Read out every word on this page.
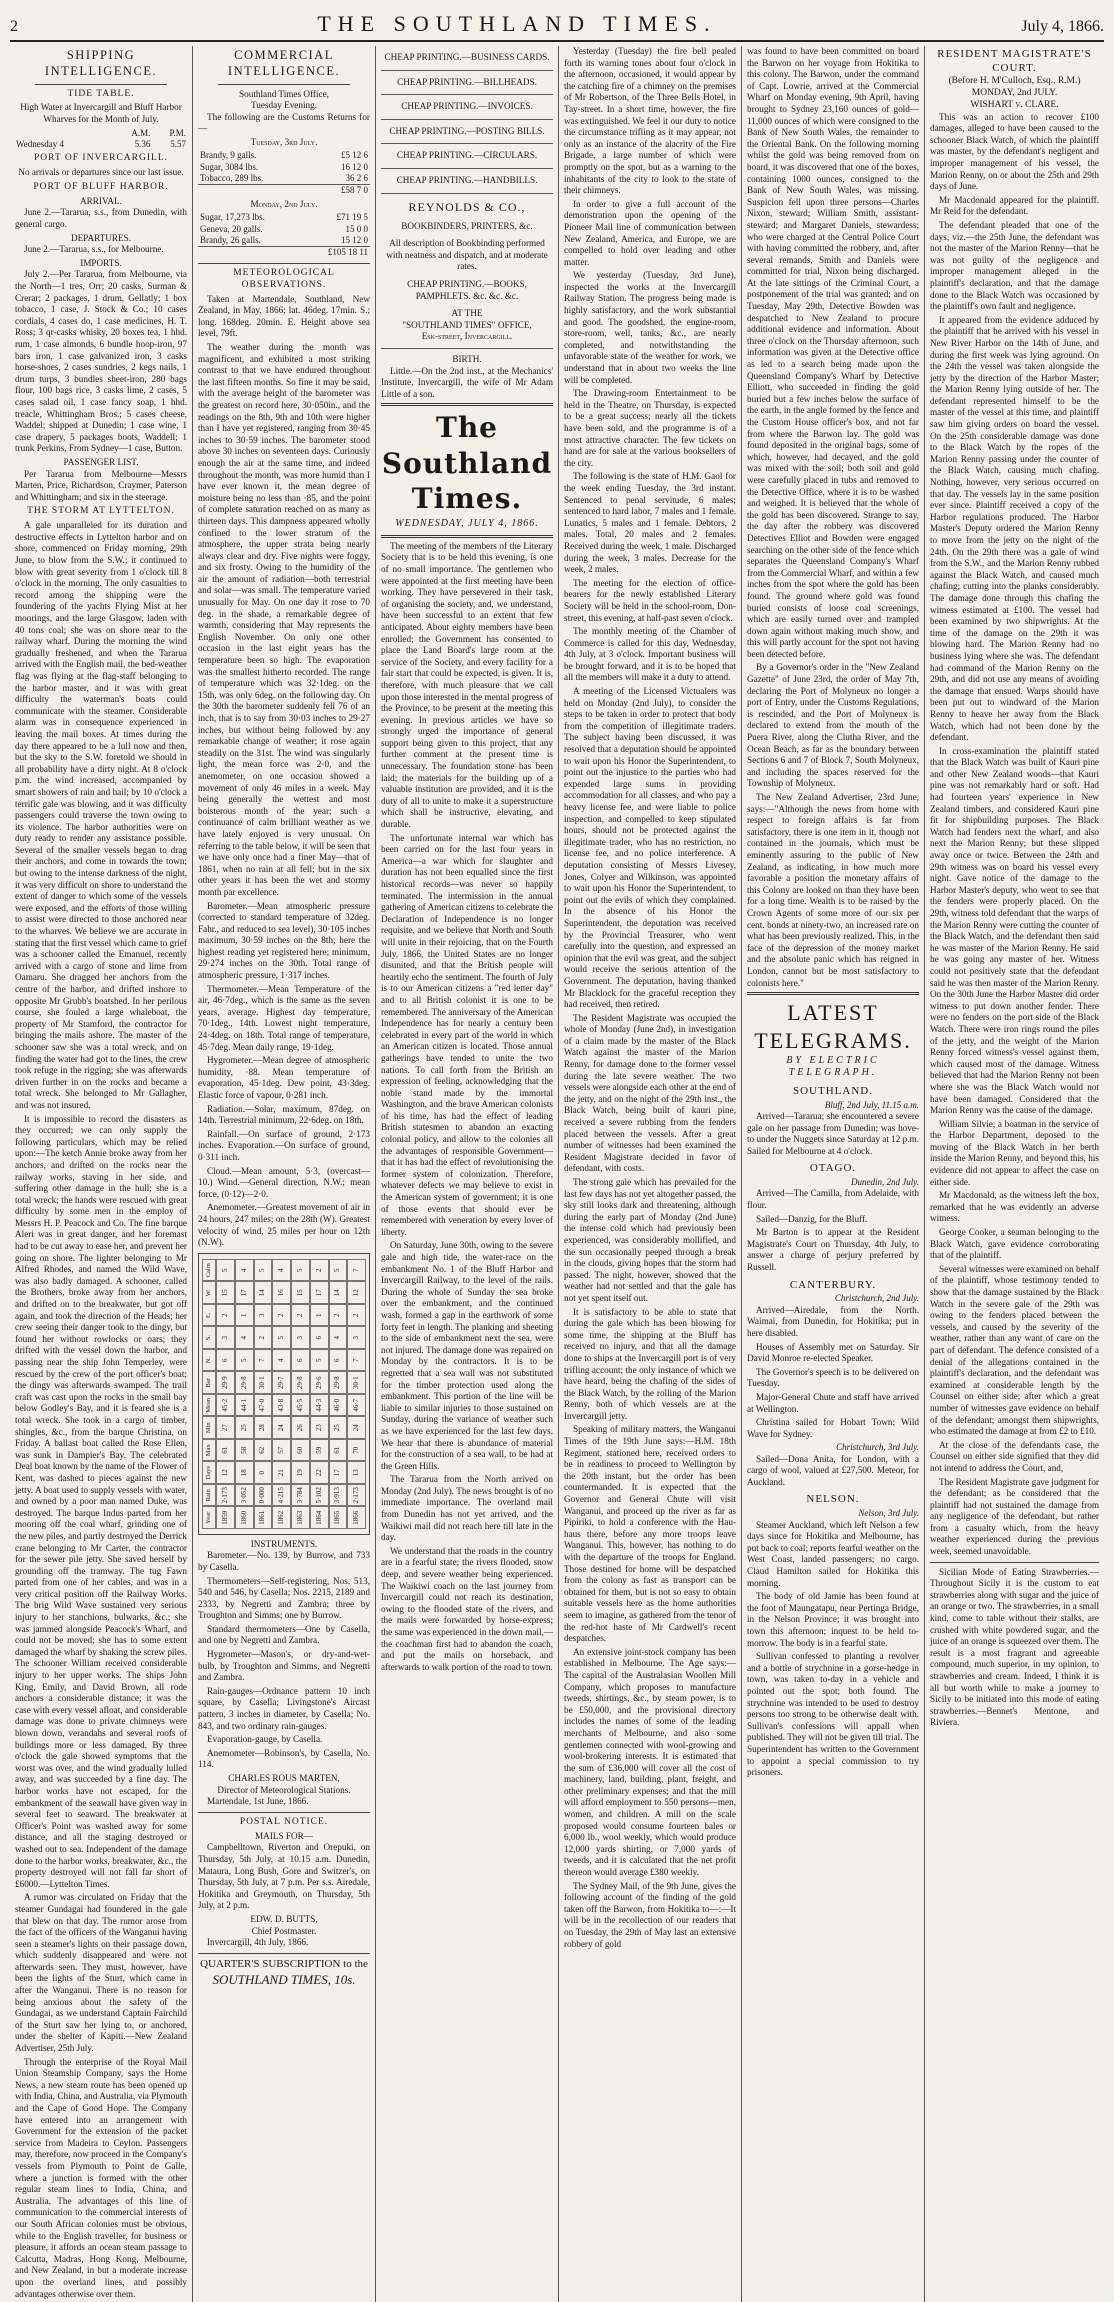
2	THE SOUTHLAND TIMES.	July 4, 1866.
SHIPPING INTELLIGENCE.
TIDE TABLE.

High Water at Invercargill and Bluff Harbor Wharves for the Month of July.

	A.M.	P.M.
Wednesday 4	5.36	5.57
PORT OF INVERCARGILL.

No arrivals or departures since our last issue.

PORT OF BLUFF HARBOR.
ARRIVAL.

June 2.—Tararua, s.s., from Dunedin, with general cargo.

DEPARTURES.

June 2.—Tararua, s.s., for Melbourne.

IMPORTS.

July 2.—Per Tararua, from Melbourne, via the North—1 tres, Orr; 20 casks, Surman & Crerar; 2 packages, 1 drum, Gellatly; 1 box tobacco, 1 case, J. Stock & Co.; 10 cases cordials, 4 cases do, 1 case medicines, H. T. Ross; 3 qr-casks whisky, 20 boxes tea, 1 hhd. rum, 1 case almonds, 6 bundle hoop-iron, 97 bars iron, 1 case galvanized iron, 3 casks horse-shoes, 2 cases sundries, 2 kegs nails, 1 drum turps, 3 bundles sheet-iron, 280 bags flour, 100 bags rice, 3 casks lime, 2 cases, 5 cases salad oil, 1 case fancy soap, 1 hhd. treacle, Whittingham Bros.; 5 cases cheese, Waddel; shipped at Dunedin; 1 case wine, 1 case drapery, 5 packages boots, Waddell; 1 trunk Perkins, From Sydney—1 case, Button.

PASSENGER LIST.

Per Tararua from Melbourne—Messrs Marten, Price, Richardson, Craymer, Paterson and Whittingham; and six in the steerage.

THE STORM AT LYTTELTON.

A gale unparalleled for its duration and destructive effects in Lyttelton harbor and on shore, commenced on Friday morning, 29th June, to blow from the S.W.; it continued to blow with great severity from 1 o'clock till 8 o'clock in the morning. The only casualties to record among the shipping were the foundering of the yachts Flying Mist at her moorings, and the large Glasgow, laden with 40 tons coal; she was on shore near to the railway wharf. During the morning the wind gradually freshened, and when the Tararua arrived with the English mail, the bed-weather flag was flying at the flag-staff belonging to the harbor master, and it was with great difficulty the waterman's boats could communicate with the steamer. Considerable alarm was in consequence experienced in leaving the mail boxes. At times during the day there appeared to be a lull now and then, but the sky to the S.W. foretold we should in all probability have a dirty night. At 8 o'clock p.m. the wind increased, accompanied by smart showers of rain and hail; by 10 o'clock a terrific gale was blowing, and it was difficulty passengers could traverse the town owing to its violence. The harbor authorities were on duty ready to render any assistance possible. Several of the smaller vessels began to drag their anchors, and come in towards the town; but owing to the intense darkness of the night, it was very difficult on shore to understand the extent of danger to which some of the vessels were exposed, and the efforts of those willing to assist were directed to those anchored near to the wharves. We believe we are accurate in stating that the first vessel which came to grief was a schooner called the Emanuel, recently arrived with a cargo of stone and lime from Oamaru. She dragged her anchors from the centre of the harbor, and drifted inshore to opposite Mr Grubb's boatshed. In her perilous course, she fouled a large whaleboat, the property of Mr Stamford, the contractor for bringing the mails ashore. The master of the schooner saw she was a total wreck, and on finding the water had got to the lines, the crew took refuge in the rigging; she was afterwards driven further in on the rocks and became a total wreck. She belonged to Mr Gallagher, and was not insured.

It is impossible to record the disasters as they occurred; we can only supply the following particulars, which may be relied upon:—The ketch Annie broke away from her anchors, and drifted on the rocks near the railway works, staving in her side, and suffering other damage in the hull; she is a total wreck; the hands were rescued with great difficulty by some men in the employ of Messrs H. P. Peacock and Co. The fine barque Aleri was in great danger, and her foremast had to be cut away to ease her, and prevent her going on shore. The lighter belonging to Mr Alfred Rhodes, and named the Wild Wave, was also badly damaged. A schooner, called the Brothers, broke away from her anchors, and drifted on to the breakwater, but got off again, and took the direction of the Heads; her crew seeing their danger took to the dingy, but found her without rowlocks or oars; they drifted with the vessel down the harbor, and passing near the ship John Temperley, were rescued by the crew of the port officer's boat; the dingy was afterwards swamped. The trail craft was cast upon the rocks in the small bay below Godley's Bay, and it is feared she is a total wreck. She took in a cargo of timber, shingles, &c., from the barque Christina, on Friday. A ballast boat called the Rose Ellen, was sunk in Dampier's Bay. The celebrated Deal boat known by the name of the Flower of Kent, was dashed to pieces against the new jetty. A boat used to supply vessels with water, and owned by a poor man named Duke, was destroyed. The barque Indus parted from her mooring off the coal wharf, grinding one of the new piles, and partly destroyed the Derrick crane belonging to Mr Carter, the contractor for the sewer pile jetty. She saved herself by grounding off the tramway. The tug Fawn parted from one of her cables, and was in a very critical position off the Railway Works. The brig Wild Wave sustained very serious injury to her stanchions, bulwarks, &c.; she was jammed alongside Peacock's Wharf, and could not be moved; she has to some extent damaged the wharf by shaking the screw piles. The schooner William received considerable injury to her upper works. The ships John King, Emily, and David Brown, all rode anchors a considerable distance; it was the case with every vessel afloat, and considerable damage was done to private chimneys were blown down, verandahs and several roofs of buildings more or less damaged. By three o'clock the gale showed symptoms that the worst was over, and the wind gradually lulled away, and was succeeded by a fine day. The harbor works have not escaped, for the embankment of the seawall have given way in several feet to seaward. The breakwater at Officer's Point was washed away for some distance, and all the staging destroyed or washed out to sea. Independent of the damage done to the harbor works, breakwater, &c., the property destroyed will not fall far short of £6000.—Lyttelton Times.

A rumor was circulated on Friday that the steamer Gundagai had foundered in the gale that blew on that day. The rumor arose from the fact of the officers of the Wanganui having seen a steamer's lights on their passage down, which suddenly disappeared and were not afterwards seen. They must, however, have been the lights of the Sturt, which came in after the Wanganui. There is no reason for being anxious about the safety of the Gundagai, as we understand Captain Fairchild of the Sturt saw her lying to, or anchored, under the shelter of Kapiti.—New Zealand Advertiser, 25th July.

Through the enterprise of the Royal Mail Union Steamship Company, says the Home News, a new steam route has been opened up with India, China, and Australia, via Plymouth and the Cape of Good Hope. The Company have entered into an arrangement with Government for the extension of the packet service from Madeira to Ceylon. Passengers may, therefore, now proceed in the Company's vessels from Plymouth to Point de Galle, where a junction is formed with the other regular steam lines to India, China, and Australia. The advantages of this line of communication to the commercial interests of our South African colonies must be obvious, while to the English traveller, for business or pleasure, it affords an ocean steam passage to Calcutta, Madras, Hong Kong, Melbourne, and New Zealand, in but a moderate increase upon the overland lines, and possibly advantages otherwise over them.

COMMERCIAL INTELLIGENCE.
Southland Times Office,
Tuesday Evening.

The following are the Customs Returns for—

Tuesday, 3rd July.
Brandy, 9 galls.	£5 12 6
Sugar, 3084 lbs.	16 12 0
Tobacco, 289 lbs.	36 2 6
	£58 7 0
Monday, 2nd July.
Sugar, 17,273 lbs.	£71 19 5
Geneva, 20 galls.	15 0 0
Brandy, 26 galls.	15 12 0
	£105 18 11
METEOROLOGICAL OBSERVATIONS.

Taken at Martendale, Southland, New Zealand, in May, 1866; lat. 46deg. 17min. S.; long. 168deg. 20min. E. Height above sea level, 79ft.

The weather during the month was magnificent, and exhibited a most striking contrast to that we have endured throughout the last fifteen months. So fine it may be said, with the average height of the barometer was the greatest on record here, 30·050in., and the readings on the 8th, 9th and 10th were higher than I have yet registered, ranging from 30·45 inches to 30·59 inches. The barometer stood above 30 inches on seventeen days. Curiously enough the air at the same time, and indeed throughout the month, was more humid than I have ever known it, the mean degree of moisture being no less than ·85, and the point of complete saturation reached on as many as thirteen days. This dampness appeared wholly confined to the lower stratum of the atmosphere, the upper strata being nearly always clear and dry. Five nights were foggy, and six frosty. Owing to the humidity of the air the amount of radiation—both terrestrial and solar—was small. The temperature varied unusually for May. On one day it rose to 70 deg. in the shade, a remarkable degree of warmth, considering that May represents the English November. On only one other occasion in the last eight years has the temperature been so high. The evaporation was the smallest hitherto recorded. The range of temperature which was 32·1deg. on the 15th, was only 6deg. on the following day. On the 30th the barometer suddenly fell 76 of an inch, that is to say from 30·03 inches to 29·27 inches, but without being followed by any remarkable change of weather; it rose again steadily on the 31st. The wind was singularly light, the mean force was 2·0, and the anemometer, on one occasion showed a movement of only 46 miles in a week. May being generally the wettest and most boisterous month of the year; such a continuance of calm brilliant weather as we have lately enjoyed is very unusual. On referring to the table below, it will be seen that we have only once had a finer May—that of 1861, when no rain at all fell; but in the six other years it has been the wet and stormy month par excellence.

Barometer.—Mean atmospheric pressure (corrected to standard temperature of 32deg. Fahr., and reduced to sea level), 30·105 inches maximum, 30·59 inches on the 8th; here the highest reading yet registered here; minimum, 29·274 inches on the 30th. Total range of atmospheric pressure, 1·317 inches.

Thermometer.—Mean Temperature of the air, 46·7deg., which is the same as the seven years, average. Highest day temperature, 70·1deg., 14th. Lowest night temperature, 24·4deg. on 18th. Total range of temperature, 45·7deg. Mean daily range, 19·1deg.

Hygrometer.—Mean degree of atmospheric humidity, ·88. Mean temperature of evaporation, 45·1deg. Dew point, 43·3deg. Elastic force of vapour, 0·281 inch.

Radiation.—Solar, maximum, 87deg. on 14th. Terrestrial minimum, 22·6deg. on 18th.

Rainfall.—On surface of ground, 2·173 inches. Evaporation.—On surface of ground, 0·311 inch.

Cloud.—Mean amount, 5·3, (overcast—10.) Wind.—General direction, N.W.; mean force, (0·12)—2·0.

Anemometer.—Greatest movement of air in 24 hours, 247 miles; on the 28th (W). Greatest velocity of wind, 25 miles per hour on 12th (N.W).

Year
Rain
Days
Max
Min
Mean
Bar
N.
S.
E.
W.
Calm
1859
2·173
12
61
27
45·2
29·9
6
3
2
15
5
1860
3·052
18
58
25
44·1
29·8
5
4
1
17
4
1861
0·000
0
62
28
47·0
30·1
7
2
3
14
5
1862
4·215
21
57
24
43·8
29·7
4
5
2
16
4
1863
3·784
19
60
26
45·5
29·8
6
3
2
15
5
1864
5·102
22
59
23
44·3
29·6
5
6
1
17
2
1865
3·913
17
61
25
46·0
29·8
6
4
2
14
5
1866
2·173
13
70
24
46·7
30·1
7
3
2
12
7
INSTRUMENTS.

Barometer.—No. 139, by Burrow, and 733 by Casella.

Thermometers—Self-registering, Nos. 513, 540 and 546, by Casella; Nos. 2215, 2189 and 2333, by Negretti and Zambra; three by Troughton and Simms; one by Burrow.

Standard thermometers—One by Casella, and one by Negretti and Zambra.

Hygrometer—Mason's, or dry-and-wet-bulb, by Troughton and Simms, and Negretti and Zambra.

Rain-gauges—Ordnance pattern 10 inch square, by Casella; Livingstone's Aircast pattern, 3 inches in diameter, by Casella; No. 843, and two ordinary rain-gauges.

Evaporation-gauge, by Casella.

Anemometer—Robinson's, by Casella, No. 114.

CHARLES ROUS MARTEN,
Director of Meteorological Stations.

Martendale, 1st June, 1866.

POSTAL NOTICE.
MAILS FOR—

Campbelltown, Riverton and Orepuki, on Thursday, 5th July, at 10.15 a.m. Dunedin, Mataura, Long Bush, Gore and Switzer's, on Thursday, 5th July, at 7 p.m. Per s.s. Airedale, Hokitika and Greymouth, on Thursday, 5th July, at 2 p.m.

EDW. D. BUTTS,
Chief Postmaster.

Invercargill, 4th July, 1866.

QUARTER'S SUBSCRIPTION to the
SOUTHLAND TIMES, 10s.
CHEAP PRINTING.—BUSINESS CARDS.
CHEAP PRINTING.—BILLHEADS.
CHEAP PRINTING.—INVOICES.
CHEAP PRINTING.—POSTING BILLS.
CHEAP PRINTING.—CIRCULARS.
CHEAP PRINTING.—HANDBILLS.
REYNOLDS & CO.,
BOOKBINDERS, PRINTERS, &c.

All description of Bookbinding performed with neatness and dispatch, and at moderate rates.

CHEAP PRINTING.—BOOKS, PAMPHLETS. &c. &c. &c.
AT THE
"SOUTHLAND TIMES" OFFICE,
Esk-street, Invercargill.
BIRTH.

Little.—On the 2nd inst., at the Mechanics' Institute, Invercargill, the wife of Mr Adam Little of a son.

The Southland Times.
WEDNESDAY, JULY 4, 1866.

The meeting of the members of the Literary Society that is to be held this evening, is one of no small importance. The gentlemen who were appointed at the first meeting have been working. They have persevered in their task, of organising the society, and, we understand, have been successful to an extent that few anticipated. About eighty members have been enrolled; the Government has consented to place the Land Board's large room at the service of the Society, and every facility for a fair start that could be expected, is given. It is, therefore, with much pleasure that we call upon those interested in the mental progress of the Province, to be present at the meeting this evening. In previous articles we have so strongly urged the importance of general support being given to this project, that any further comment at the present time is unnecessary. The foundation stone has been laid; the materials for the building up of a valuable institution are provided, and it is the duty of all to unite to make it a superstructure which shall be instructive, elevating, and durable.

The unfortunate internal war which has been carried on for the last four years in America—a war which for slaughter and duration has not been equalled since the first historical records—was never so happily terminated. The intermission in the annual gathering of American citizens to celebrate the Declaration of Independence is no longer requisite, and we believe that North and South will unite in their rejoicing, that on the Fourth July, 1866, the United States are no longer disunited, and that the British people will heartily echo the sentiment. The fourth of July is to our American citizens a "red letter day" and to all British colonist it is one to be remembered. The anniversary of the American Independence has for nearly a century been celebrated in every part of the world in which an American citizen is located. Those annual gatherings have tended to unite the two nations. To call forth from the British an expression of feeling, acknowledging that the noble stand made by the immortal Washington, and the brave American colonists of his time, has had the effect of leading British statesmen to abandon an exacting colonial policy, and allow to the colonies all the advantages of responsible Government—that it has had the effect of revolutionising the former system of colonization. Therefore, whatever defects we may believe to exist in the American system of government; it is one of those events that should ever be remembered with veneration by every lover of liberty.

On Saturday, June 30th, owing to the severe gale and high tide, the water-race on the embankment No. 1 of the Bluff Harbor and Invercargill Railway, to the level of the rails. During the whole of Sunday the sea broke over the embankment, and the continued wash, formed a gap in the earthwork of some forty feet in length. The planking and sheeting to the side of embankment next the sea, were not injured. The damage done was repaired on Monday by the contractors. It is to be regretted that a sea wall was not substituted for the timber protection used along the embankment. This portion of the line will be liable to similar injuries to those sustained on Sunday, during the variance of weather such as we have experienced for the last few days. We hear that there is abundance of material for the construction of a sea wall, to be had at the Green Hills.

The Tararua from the North arrived on Monday (2nd July). The news brought is of no immediate importance. The overland mail from Dunedin has not yet arrived, and the Waikiwi mail did not reach here till late in the day.

We understand that the roads in the country are in a fearful state; the rivers flooded, snow deep, and severe weather being experienced. The Waikiwi coach on the last journey from Invercargill could not reach its destination, owing to the flooded state of the rivers, and the mails were forwarded by horse-express; the same was experienced in the down mail,—the coachman first had to abandon the coach, and put the mails on horseback, and afterwards to walk portion of the road to town.

Yesterday (Tuesday) the fire bell pealed forth its warning tones about four o'clock in the afternoon, occasioned, it would appear by the catching fire of a chimney on the premises of Mr Robertson, of the Three Bells Hotel, in Tay-street. In a short time, however, the fire was extinguished. We feel it our duty to notice the circumstance trifling as it may appear, not only as an instance of the alacrity of the Fire Brigade, a large number of which were promptly on the spot, but as a warning to the inhabitants of the city to look to the state of their chimneys.

In order to give a full account of the demonstration upon the opening of the Pioneer Mail line of communication between New Zealand, America, and Europe, we are compelled to hold over leading and other matter.

We yesterday (Tuesday, 3rd June), inspected the works at the Invercargill Railway Station. The progress being made is highly satisfactory, and the work substantial and good. The goodshed, the engine-room, store-room, well, tanks, &c., are nearly completed, and notwithstanding the unfavorable state of the weather for work, we understand that in about two weeks the line will be completed.

The Drawing-room Entertainment to be held in the Theatre, on Thursday, is expected to be a great success; nearly all the tickets have been sold, and the programme is of a most attractive character. The few tickets on hand are for sale at the various booksellers of the city.

The following is the state of H.M. Gaol for the week ending Tuesday, the 3rd instant. Sentenced to penal servitude, 6 males; sentenced to hard labor, 7 males and 1 female. Lunatics, 5 males and 1 female. Debtors, 2 males. Total, 20 males and 2 females. Received during the week, 1 male. Discharged during the week, 3 males. Decrease for the week, 2 males.

The meeting for the election of office-bearers for the newly established Literary Society will be held in the school-room, Don-street, this evening, at half-past seven o'clock.

The monthly meeting of the Chamber of Commerce is called for this day, Wednesday, 4th July, at 3 o'clock. Important business will be brought forward, and it is to be hoped that all the members will make it a duty to attend.

A meeting of the Licensed Victualers was held on Monday (2nd July), to consider the steps to be taken in order to protect that body from the competition of illegitimate traders. The subject having been discussed, it was resolved that a deputation should be appointed to wait upon his Honor the Superintendent, to point out the injustice to the parties who had expended large sums in providing accommodation for all classes, and who pay a heavy license fee, and were liable to police inspection, and compelled to keep stipulated hours, should not be protected against the illegitimate trader, who has no restriction, no license fee, and no police interference. A deputation consisting of Messrs Livesey, Jones, Colyer and Wilkinson, was appointed to wait upon his Honor the Superintendent, to point out the evils of which they complained. In the absence of his Honor the Superintendent, the deputation was received by the Provincial Treasurer, who went carefully into the question, and expressed an opinion that the evil was great, and the subject would receive the serious attention of the Government. The deputation, having thanked Mr Blacklock for the graceful reception they had received, then retired.

The Resident Magistrate was occupied the whole of Monday (June 2nd), in investigation of a claim made by the master of the Black Watch against the master of the Marion Renny, for damage done to the former vessel during the late severe weather. The two vessels were alongside each other at the end of the jetty, and on the night of the 29th inst., the Black Watch, being built of kauri pine, received a severe rubbing from the fenders placed between the vessels. After a great number of witnesses had been examined the Resident Magistrate decided in favor of defendant, with costs.

The strong gale which has prevailed for the last few days has not yet altogether passed, the sky still looks dark and threatening, although during the early part of Monday (2nd June) the intense cold which had previously been experienced, was considerably mollified, and the sun occasionally peeped through a break in the clouds, giving hopes that the storm had passed. The night, however, showed that the weather had not settled and that the gale has not yet spent itself out.

It is satisfactory to be able to state that during the gale which has been blowing for some time, the shipping at the Bluff has received no injury, and that all the damage done to ships at the Invercargill port is of very trifling account; the only instance of which we have heard, being the chafing of the sides of the Black Watch, by the rolling of the Marion Renny, both of which vessels are at the Invercargill jetty.

Speaking of military matters, the Wanganui Times of the 19th June says:—H.M. 18th Regiment, stationed here, received orders to be in readiness to proceed to Wellington by the 20th instant, but the order has been countermanded. It is expected that the Governor and General Chute will visit Wanganui, and proceed up the river as far as Pipiriki, to hold a conference with the Hau-haus there, before any more troops leave Wanganui. This, however, has nothing to do with the departure of the troops for England. Those destined for home will be despatched from the colony as fast as transport can be obtained for them, but is not so easy to obtain suitable vessels here as the home authorities seem to imagine, as gathered from the tenor of the red-hot haste of Mr Cardwell's recent despatches.

An extensive joint-stock company has been established in Melbourne. The Age says:—The capital of the Australasian Woollen Mill Company, which proposes to manufacture tweeds, shirtings, &c., by steam power, is to be £50,000, and the provisional directory includes the names of some of the leading merchants of Melbourne, and also some gentlemen connected with wool-growing and wool-brokering interests. It is estimated that the sum of £36,000 will cover all the cost of machinery, land, building, plant, freight, and other preliminary expenses; and that the mill will afford employment to 550 persons—men, women, and children. A mill on the scale proposed would consume fourteen bales or 6,000 lb., wool weekly, which would produce 12,000 yards shirting, or 7,000 yards of tweeds, and it is calculated that the net profit thereon would average £380 weekly.

The Sydney Mail, of the 9th June, gives the following account of the finding of the gold taken off the Barwon, from Hokitika to—:—It will be in the recollection of our readers that on Tuesday, the 29th of May last an extensive robbery of gold

was found to have been committed on board the Barwon on her voyage from Hokitika to this colony. The Barwon, under the command of Capt. Lowrie, arrived at the Commercial Wharf on Monday evening, 9th April, having brought to Sydney 23,160 ounces of gold—11,000 ounces of which were consigned to the Bank of New South Wales, the remainder to the Oriental Bank. On the following morning whilst the gold was being removed from on board, it was discovered that one of the boxes, containing 1000 ounces, consigned to the Bank of New South Wales, was missing. Suspicion fell upon three persons—Charles Nixon, steward; William Smith, assistant-steward; and Margaret Daniels, stewardess; who were charged at the Central Police Court with having committed the robbery, and, after several remands, Smith and Daniels were committed for trial, Nixon being discharged. At the late sittings of the Criminal Court, a postponement of the trial was granted; and on Tuesday, May 29th, Detective Bowden was despatched to New Zealand to procure additional evidence and information. About three o'clock on the Thursday afternoon, such information was given at the Detective office as led to a search being made upon the Queensland Company's Wharf by Detective Elliott, who succeeded in finding the gold buried but a few inches below the surface of the earth, in the angle formed by the fence and the Custom House officer's box, and not far from where the Barwon lay. The gold was found deposited in the original bags, some of which, however, had decayed, and the gold was mixed with the soil; both soil and gold were carefully placed in tubs and removed to the Detective Office, where it is to be washed and weighed. It is believed that the whole of the gold has been discovered. Strange to say, the day after the robbery was discovered Detectives Elliot and Bowden were engaged searching on the other side of the fence which separates the Queensland Company's Wharf from the Commercial Wharf, and within a few inches from the spot where the gold has been found. The ground where gold was found buried consists of loose coal screenings, which are easily turned over and trampled down again without making much show, and this will partly account for the spot not having been detected before.

By a Governor's order in the "New Zealand Gazette" of June 23rd, the order of May 7th, declaring the Port of Molyneux no longer a port of Entry, under the Customs Regulations, is rescinded, and the Port of Molyneux is declared to extend from the mouth of the Puera River, along the Clutha River, and the Ocean Beach, as far as the boundary between Sections 6 and 7 of Block 7, South Molyneux, and including the spaces reserved for the Township of Molyneux.

The New Zealand Advertiser, 23rd June, says:—"Although the news from home with respect to foreign affairs is far from satisfactory, there is one item in it, though not contained in the journals, which must be eminently assuring to the public of New Zealand, as indicating, in how much more favorable a position the monetary affairs of this Colony are looked on than they have been for a long time. Wealth is to be raised by the Crown Agents of some more of our six per cent. bonds at ninety-two, an increased rate on what has been previously realized. This, in the face of the depression of the money market and the absolute panic which has reigned in London, cannot but be most satisfactory to colonists here."

LATEST TELEGRAMS.
BY ELECTRIC TELEGRAPH.
SOUTHLAND.
Bluff, 2nd July, 11.15 a.m.

Arrived—Tararua; she encountered a severe gale on her passage from Dunedin; was hove-to under the Nuggets since Saturday at 12 p.m. Sailed for Melbourne at 4 o'clock.

OTAGO.
Dunedin, 2nd July.

Arrived—The Camilla, from Adelaide, with flour.

Sailed—Danzig, for the Bluff.

Mr Barton is to appear at the Resident Magistrate's Court on Thursday, 4th July, to answer a charge of perjury preferred by Russell.

CANTERBURY.
Christchurch, 2nd July.

Arrived—Airedale, from the North. Waimai, from Dunedin, for Hokitika; put in here disabled.

Houses of Assembly met on Saturday. Sir David Monroe re-elected Speaker.

The Governor's speech is to be delivered on Tuesday.

Major-General Chute and staff have arrived at Wellington.

Christina sailed for Hobart Town; Wild Wave for Sydney.

Christchurch, 3rd July.

Sailed—Dona Anita, for London, with a cargo of wool, valued at £27,500. Meteor, for Auckland.

NELSON.
Nelson, 3rd July.

Steamer Auckland, which left Nelson a few days since for Hokitika and Melbourne, has put back to coal; reports fearful weather on the West Coast, landed passengers; no cargo. Claud Hamilton sailed for Hokitika this morning.

The body of old Jamie has been found at the foot of Maungatapu, near Pertinga Bridge, in the Nelson Province; it was brought into town this afternoon; inquest to be held to-morrow. The body is in a fearful state.

Sullivan confessed to planting a revolver and a bottle of strychnine in a gorse-hedge in town, was taken to-day in a vehicle and pointed out the spot; both found. The strychnine was intended to be used to destroy persons too strong to be otherwise dealt with. Sullivan's confessions will appall when published. They will not be given till trial. The Superintendent has written to the Government to appoint a special commission to try prisoners.

RESIDENT MAGISTRATE'S COURT.
(Before H. M'Culloch, Esq., R.M.)
MONDAY, 2nd JULY.
WISHART v. CLARE.

This was an action to recover £100 damages, alleged to have been caused to the schooner Black Watch, of which the plaintiff was master, by the defendant's negligent and improper management of his vessel, the Marion Renny, on or about the 25th and 29th days of June.

Mr Macdonald appeared for the plaintiff. Mr Reid for the defendant.

The defendant pleaded that one of the days, viz.—the 25th June, the defendant was not the master of the Marion Renny—that he was not guilty of the negligence and improper management alleged in the plaintiff's declaration, and that the damage done to the Black Watch was occasioned by the plaintiff's own fault and negligence.

It appeared from the evidence adduced by the plaintiff that he arrived with his vessel in New River Harbor on the 14th of June, and during the first week was lying aground. On the 24th the vessel was taken alongside the jetty by the direction of the Harbor Master; the Marion Renny lying outside of her. The defendant represented himself to be the master of the vessel at this time, and plaintiff saw him giving orders on board the vessel. On the 25th considerable damage was done to the Black Watch by the ropes of the Marion Renny passing under the counter of the Black Watch, causing much chafing. Nothing, however, very serious occurred on that day. The vessels lay in the same position ever since. Plaintiff received a copy of the Harbor regulations produced. The Harbor Master's Deputy ordered the Marion Renny to move from the jetty on the night of the 24th. On the 29th there was a gale of wind from the S.W., and the Marion Renny rubbed against the Black Watch, and caused much chafing; cutting into the planks considerably. The damage done through this chafing the witness estimated at £100. The vessel had been examined by two shipwrights. At the time of the damage on the 29th it was blowing hard. The Marion Renny had no business lying where she was. The defendant had command of the Marion Renny on the 29th, and did not use any means of avoiding the damage that ensued. Warps should have been put out to windward of the Marion Renny to heave her away from the Black Watch, which had not been done by the defendant.

In cross-examination the plaintiff stated that the Black Watch was built of Kauri pine and other New Zealand woods—that Kauri pine was not remarkably hard or soft. Had had fourteen years' experience in New Zealand timbers, and considered Kauri pine fit for shipbuilding purposes. The Black Watch had fenders next the wharf, and also next the Marion Renny; but these slipped away once or twice. Between the 24th and 29th witness was on board his vessel every night. Gave notice of the damage to the Harbor Master's deputy, who went to see that the fenders were properly placed. On the 29th, witness told defendant that the warps of the Marion Renny were cutting the counter of the Black Watch, and the defendant then said he was master of the Marion Renny. He said he was going any master of her. Witness could not positively state that the defendant said he was then master of the Marion Renny. On the 30th June the Harbor Master did order witness to put down another fender. There were no fenders on the port side of the Black Watch. There were iron rings round the piles of the jetty, and the weight of the Marion Renny forced witness's vessel against them, which caused most of the damage. Witness believed that had the Marion Renny not been where she was the Black Watch would not have been damaged. Considered that the Marion Renny was the cause of the damage.

William Silvie, a boatman in the service of the Harbor Department, deposed to the moving of the Black Watch in her berth inside the Marion Renny, and beyond this, his evidence did not appear to affect the case on either side.

Mr Macdonald, as the witness left the box, remarked that he was evidently an adverse witness.

George Cooker, a seaman belonging to the Black Watch, gave evidence corroborating that of the plaintiff.

Several witnesses were examined on behalf of the plaintiff, whose testimony tended to show that the damage sustained by the Black Watch in the severe gale of the 29th was owing to the fenders placed between the vessels, and caused by the severity of the weather, rather than any want of care on the part of defendant. The defence consisted of a denial of the allegations contained in the plaintiff's declaration, and the defendant was examined at considerable length by the Counsel on either side; after which a great number of witnesses gave evidence on behalf of the defendant; amongst them shipwrights, who estimated the damage at from £2 to £10.

At the close of the defendants case, the Counsel on either side signified that they did not intend to address the Court, and,

The Resident Magistrate gave judgment for the defendant; as he considered that the plaintiff had not sustained the damage from any negligence of the defendant, but rather from a casualty which, from the heavy weather experienced during the previous week, seemed unavoidable.

Sicilian Mode of Eating Strawberries.—Throughout Sicily it is the custom to eat strawberries along with sugar and the juice of an orange or two. The strawberries, in a small kind, come to table without their stalks, are crushed with white powdered sugar, and the juice of an orange is squeezed over them. The result is a most fragrant and agreeable compound, much superior, in my opinion, to strawberries and cream. Indeed, I think it is all but worth while to make a journey to Sicily to be initiated into this mode of eating strawberries.—Bennet's Mentone, and Riviera.
